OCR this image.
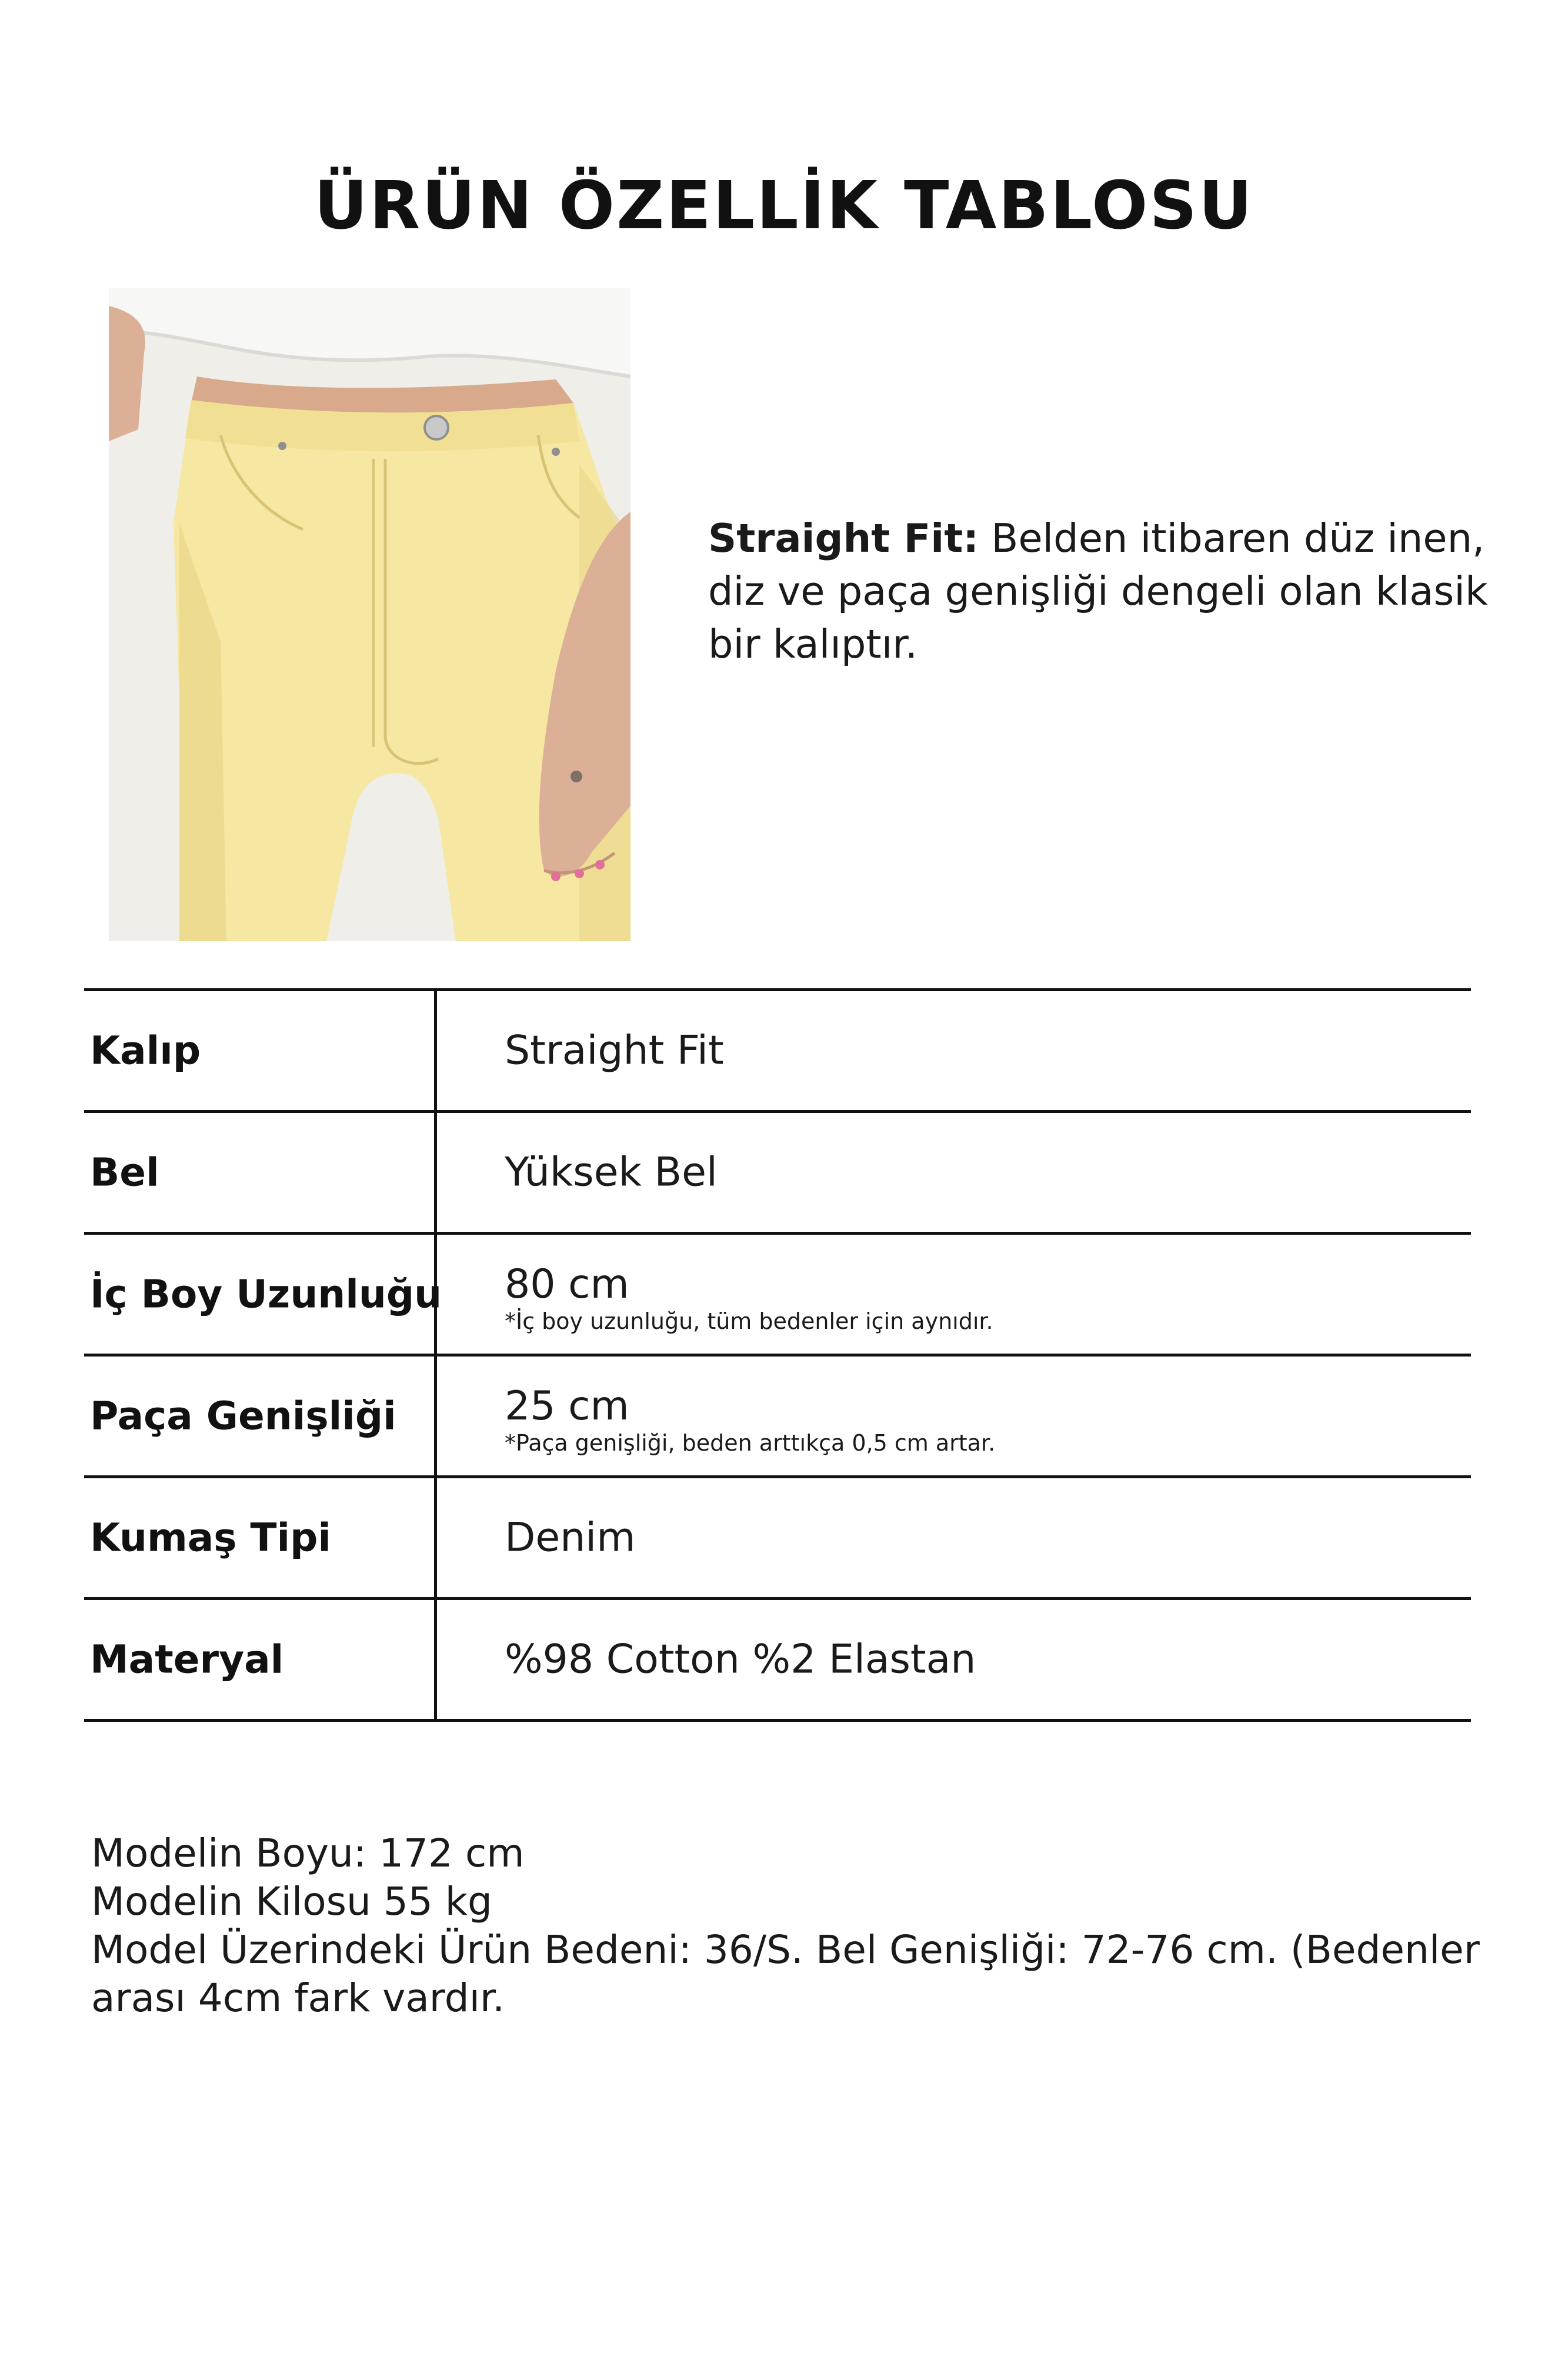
ÜRÜN ÖZELLİK TABLOSU
Straight Fit: Belden itibaren düz inen, diz ve paça genişliği dengeli olan klasik bir kalıptır.
Kalıp	Straight Fit
Bel	Yüksek Bel
İç Boy Uzunluğu 80 cm
*İç boy uzunluğu, tüm bedenler için aynıdır.
Paça Genişliği	25 cm
*Paça genişliği, beden arttıkça 0,5 cm artar.
Kumaş Tipi	Denim
Materyal	%98 Cotton %2 Elastan
Modelin Boyu: 172 cm
Modelin Kilosu 55 kg
Model Üzerindeki Ürün Bedeni: 36/S. Bel Genişliği: 72-76 cm. (Bedenler arası 4cm fark vardır.
